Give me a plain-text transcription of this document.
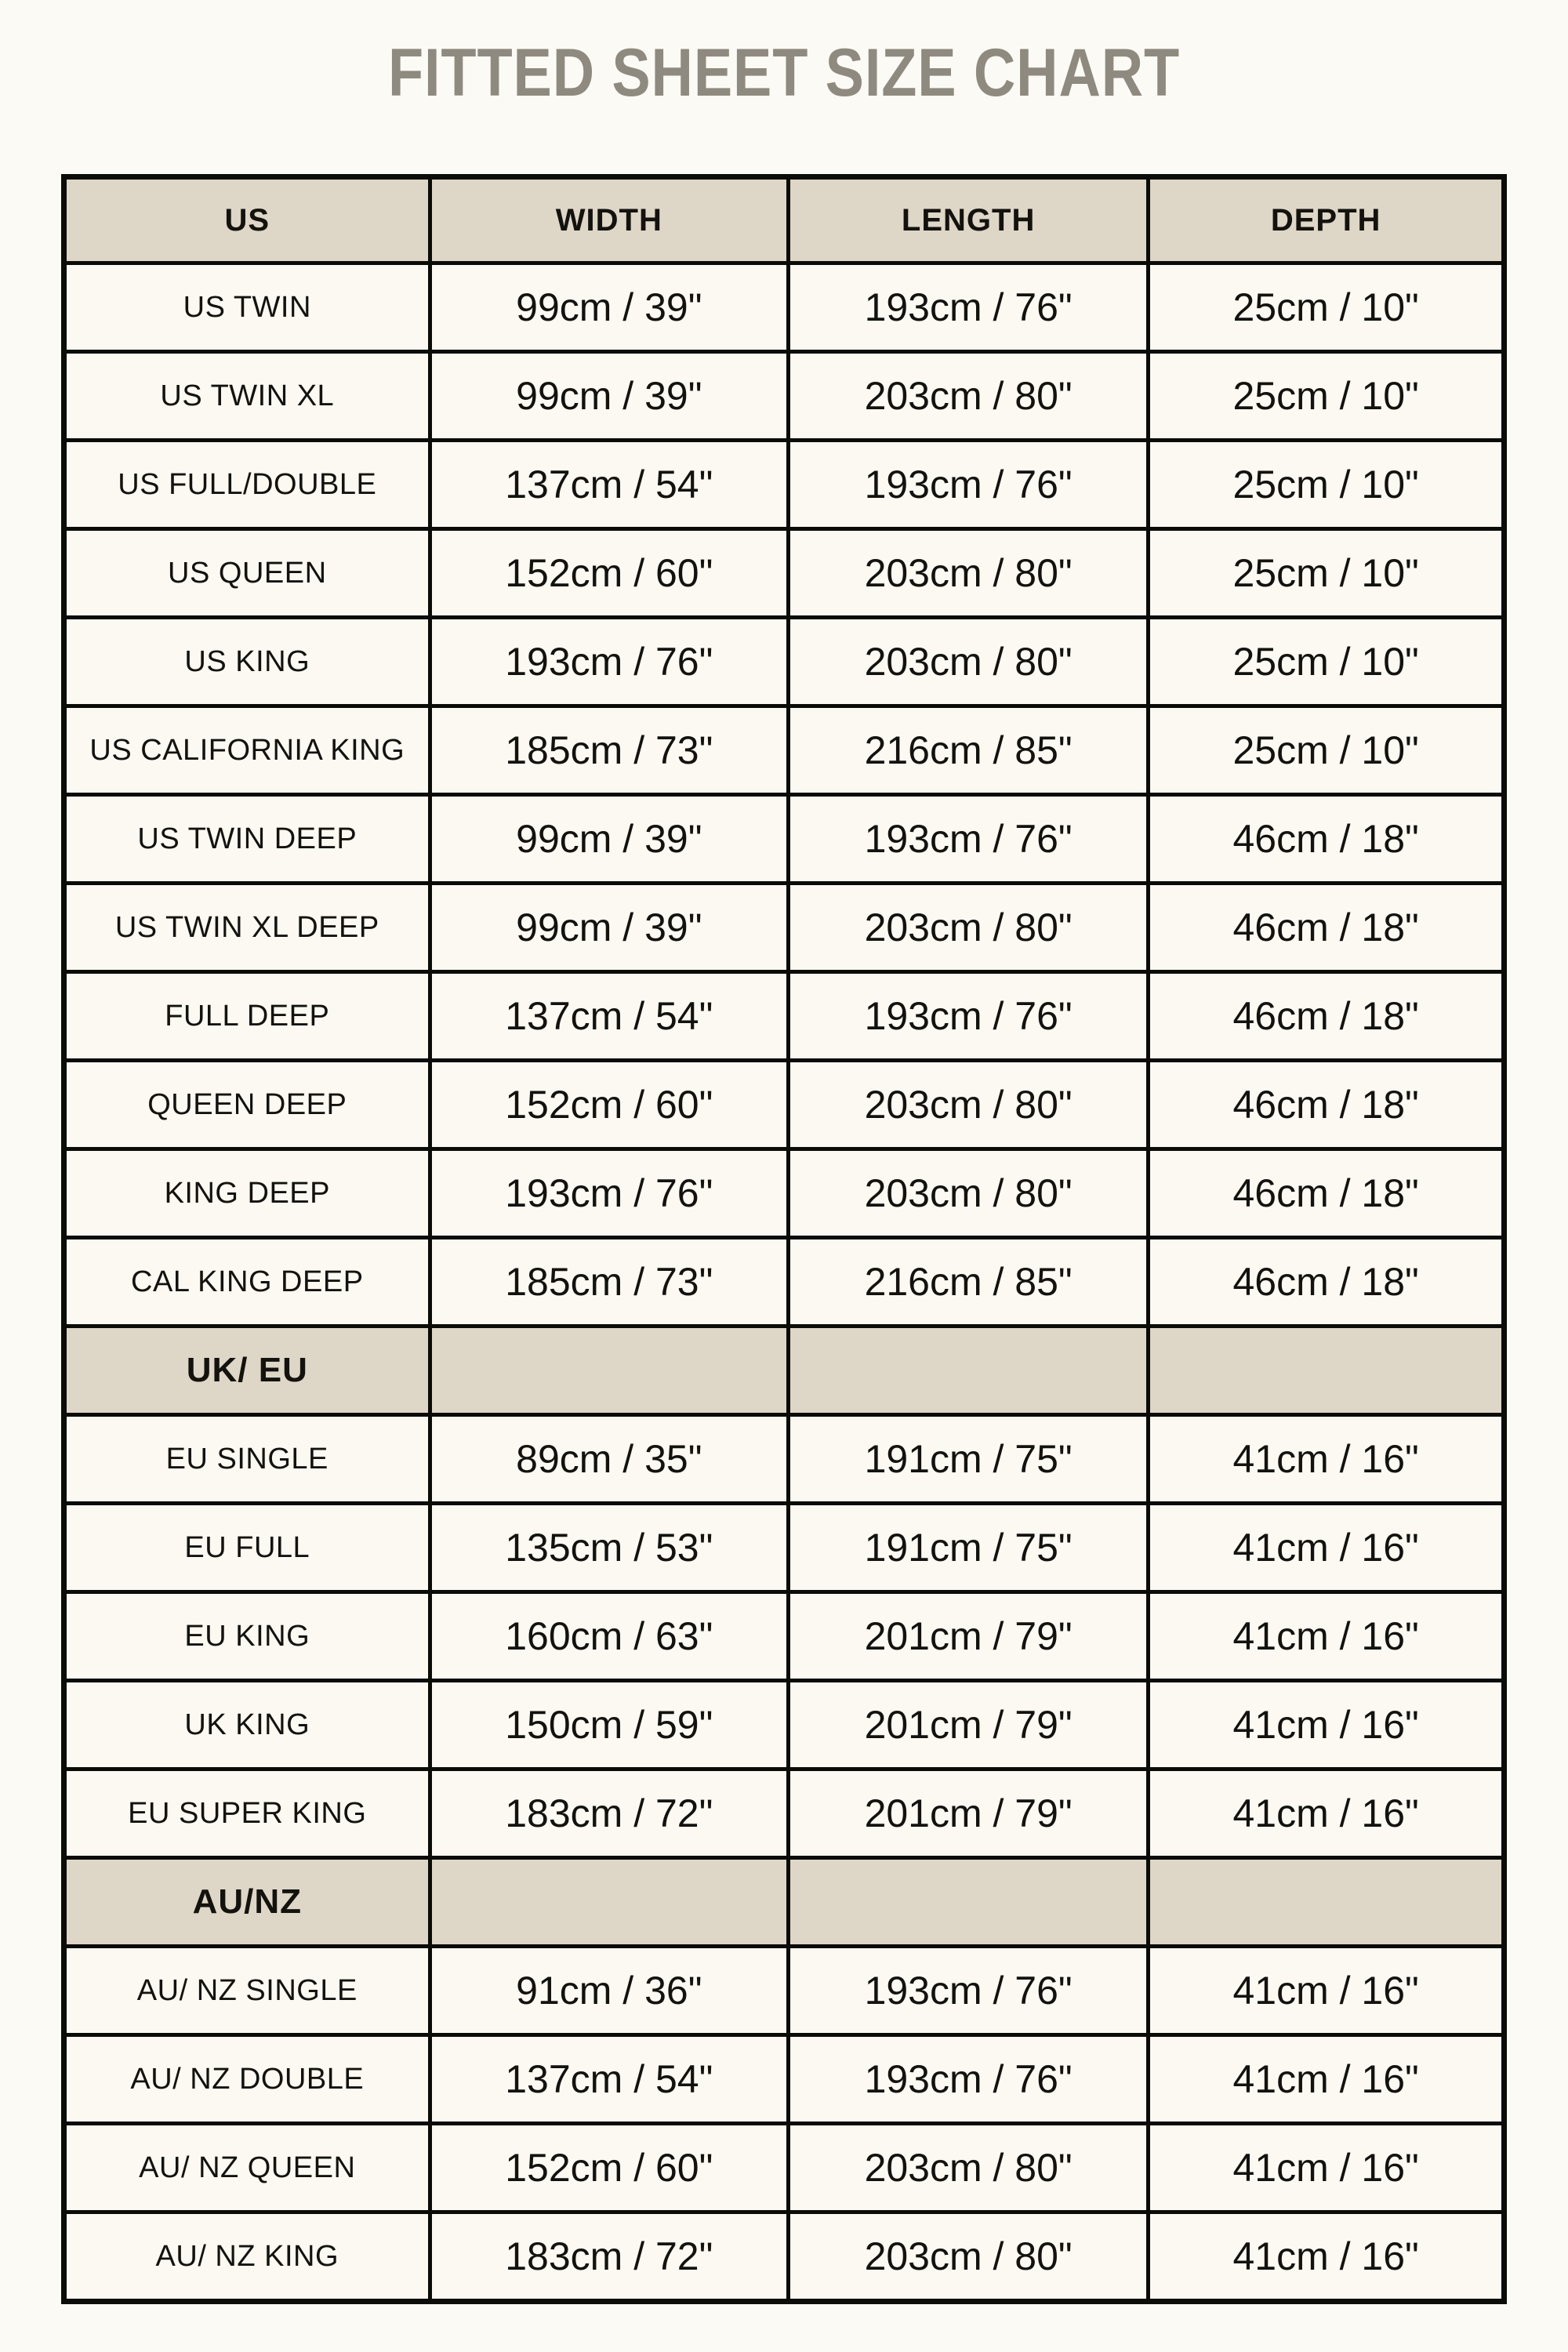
FITTED SHEET SIZE CHART
US	WIDTH	LENGTH	DEPTH
US TWIN	99cm / 39"	193cm / 76"	25cm / 10"
US TWIN XL	99cm / 39"	203cm / 80"	25cm / 10"
US FULL/DOUBLE	137cm / 54"	193cm / 76"	25cm / 10"
US QUEEN	152cm / 60"	203cm / 80"	25cm / 10"
US KING	193cm / 76"	203cm / 80"	25cm / 10"
US CALIFORNIA KING	185cm / 73"	216cm / 85"	25cm / 10"
US TWIN DEEP	99cm / 39"	193cm / 76"	46cm / 18"
US TWIN XL DEEP	99cm / 39"	203cm / 80"	46cm / 18"
FULL DEEP	137cm / 54"	193cm / 76"	46cm / 18"
QUEEN DEEP	152cm / 60"	203cm / 80"	46cm / 18"
KING DEEP	193cm / 76"	203cm / 80"	46cm / 18"
CAL KING DEEP	185cm / 73"	216cm / 85"	46cm / 18"
UK/ EU			
EU SINGLE	89cm / 35"	191cm / 75"	41cm / 16"
EU FULL	135cm / 53"	191cm / 75"	41cm / 16"
EU KING	160cm / 63"	201cm / 79"	41cm / 16"
UK KING	150cm / 59"	201cm / 79"	41cm / 16"
EU SUPER KING	183cm / 72"	201cm / 79"	41cm / 16"
AU/NZ			
AU/ NZ SINGLE	91cm / 36"	193cm / 76"	41cm / 16"
AU/ NZ DOUBLE	137cm / 54"	193cm / 76"	41cm / 16"
AU/ NZ QUEEN	152cm / 60"	203cm / 80"	41cm / 16"
AU/ NZ KING	183cm / 72"	203cm / 80"	41cm / 16"
